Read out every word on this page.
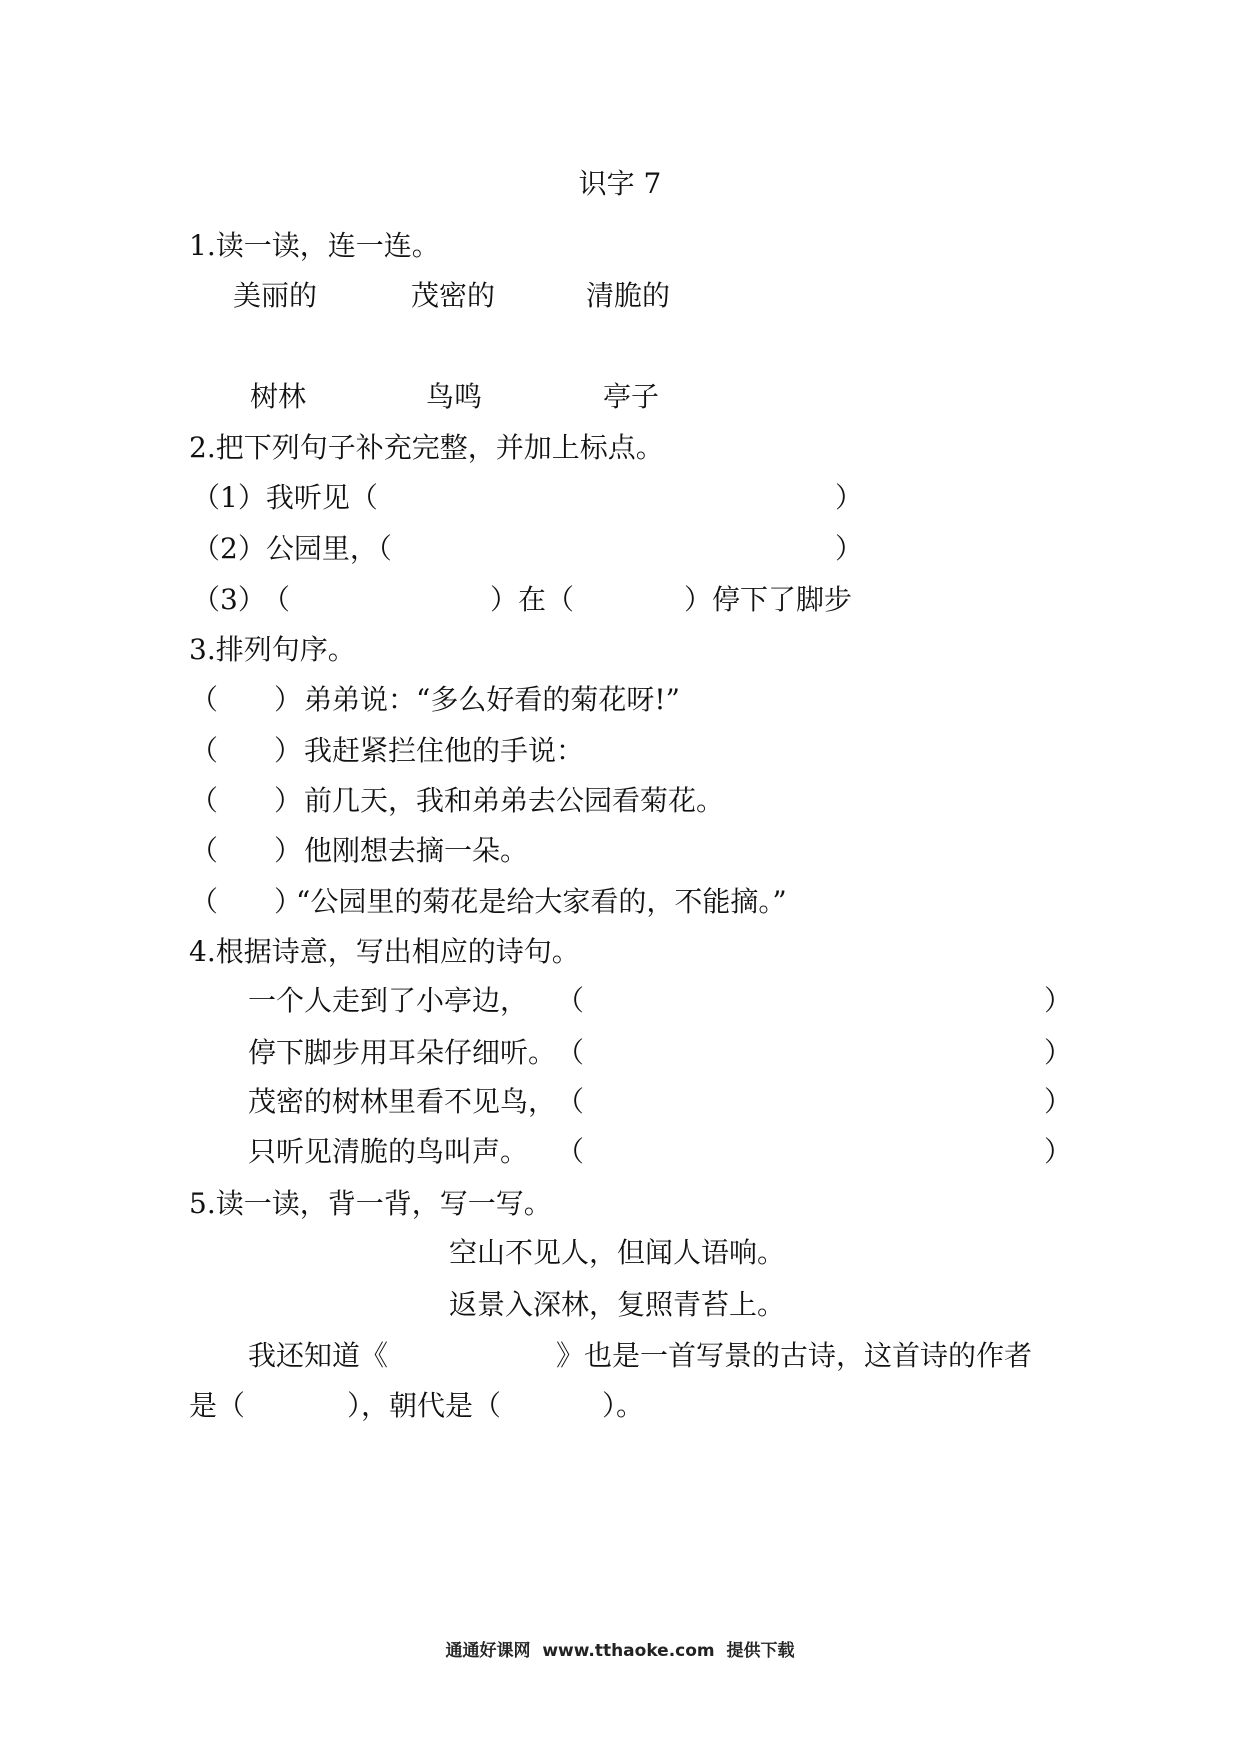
识字 7
1.读一读，连一连。
美丽的	茂密的	清脆的
树林	鸟鸣	亭子
2.把下列句子补充完整，并加上标点。
（1）我听见（	）
（2）公园里，（	）
（3）
（	）在（	）停下了脚步
3.排列句序。
（ ） 弟弟说：“多么好看的菊花呀!”
（ ） 我赶紧拦住他的手说：
（ ） 前几天，我和弟弟去公园看菊花。
（ ） 他刚想去摘一朵。
（ ）
“公园里的菊花是给大家看的，不能摘。”
4.根据诗意，写出相应的诗句。
一个人走到了小亭边， （	）
停下脚步用耳朵仔细听。 （	）
茂密的树林里看不见鸟， （	）
只听见清脆的鸟叫声。 （	）
5.读一读，背一背，写一写。
空山不见人，但闻人语响。
返景入深林，复照青苔上。
我还知道《	》也是一首写景的古诗，这首诗的作者
是（	），朝代是（	）。
通通好课网  www.tthaoke.com  提供下载
